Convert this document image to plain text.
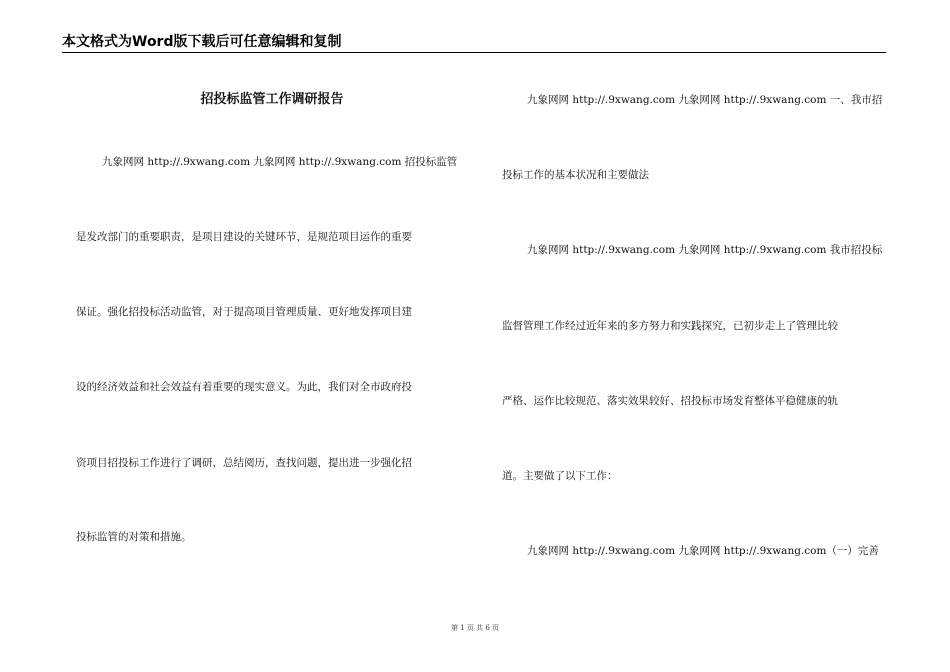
本文格式为Word版下载后可任意编辑和复制
招投标监管工作调研报告
九象网网 http://.9xwang.com 九象网网 http://.9xwang.com 招投标监管
是发改部门的重要职责，是项目建设的关键环节，是规范项目运作的重要
保证。强化招投标活动监管，对于提高项目管理质量、更好地发挥项目建
设的经济效益和社会效益有着重要的现实意义。为此，我们对全市政府投
资项目招投标工作进行了调研，总结阅历，查找问题，提出进一步强化招
投标监管的对策和措施。
九象网网 http://.9xwang.com 九象网网 http://.9xwang.com 一、我市招
投标工作的基本状况和主要做法
九象网网 http://.9xwang.com 九象网网 http://.9xwang.com 我市招投标
监督管理工作经过近年来的多方努力和实践探究，已初步走上了管理比较
严格、运作比较规范、落实效果较好、招投标市场发育整体平稳健康的轨
道。主要做了以下工作：
九象网网 http://.9xwang.com 九象网网 http://.9xwang.com（一）完善
第 1 页 共 6 页
